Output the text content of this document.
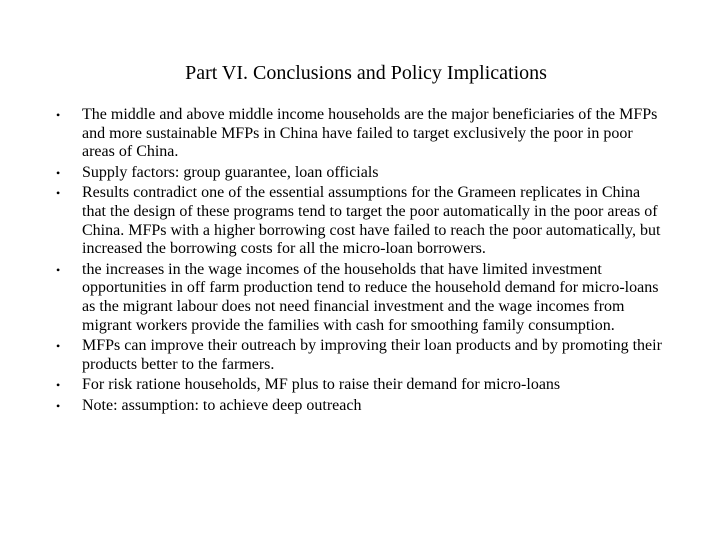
Part VI. Conclusions and Policy Implications
•	The middle and above middle income households are the major beneficiaries of the MFPs and more sustainable MFPs in China have failed to target exclusively the poor in poor areas of China.
•	Supply factors: group guarantee, loan officials
•	Results contradict one of the essential assumptions for the Grameen replicates in China that the design of these programs tend to target the poor automatically in the poor areas of China. MFPs with a higher borrowing cost have failed to reach the poor automatically, but increased the borrowing costs for all the micro-loan borrowers.
•	the increases in the wage incomes of the households that have limited investment opportunities in off farm production tend to reduce the household demand for micro-loans as the migrant labour does not need financial investment and the wage incomes from migrant workers provide the families with cash for smoothing family consumption.
•	MFPs can improve their outreach by improving their loan products and by promoting their products better to the farmers.
•	For risk ratione households, MF plus to raise their demand for micro-loans
•	Note: assumption: to achieve deep outreach
